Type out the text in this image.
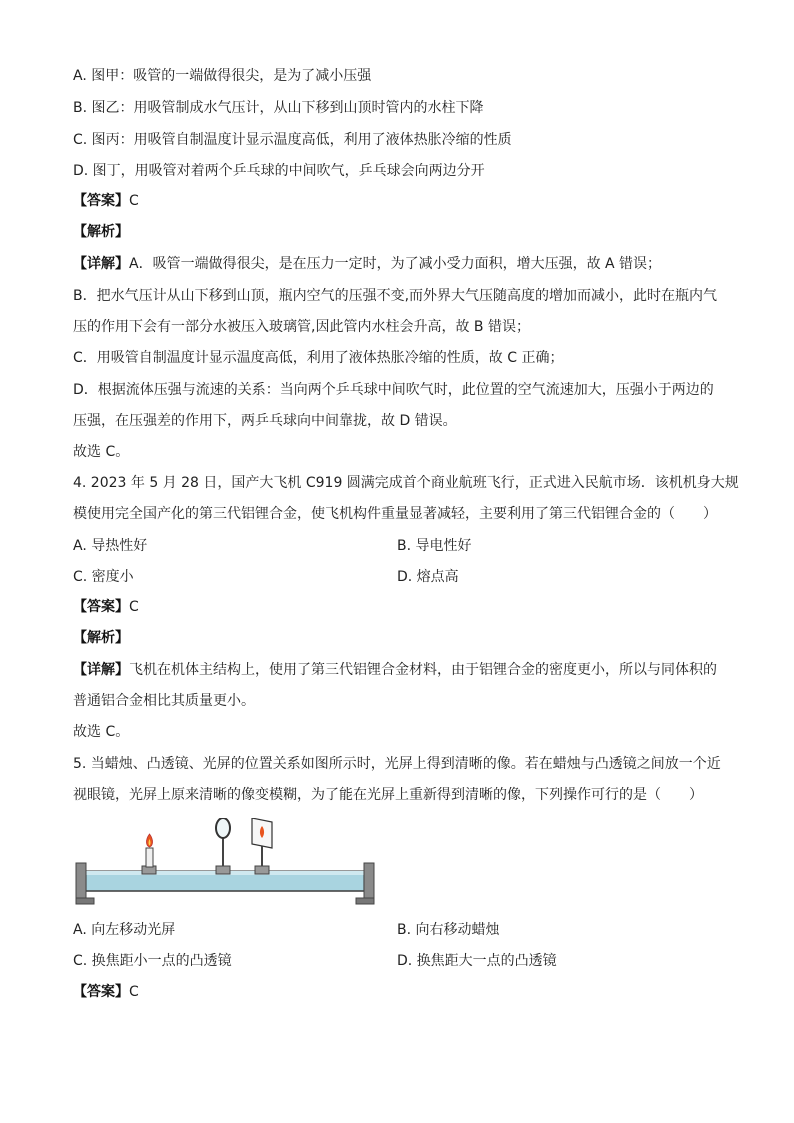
A. 图甲：吸管的一端做得很尖，是为了减小压强
B. 图乙：用吸管制成水气压计，从山下移到山顶时管内的水柱下降
C. 图丙：用吸管自制温度计显示温度高低，利用了液体热胀冷缩的性质
D. 图丁，用吸管对着两个乒乓球的中间吹气，乒乓球会向两边分开
【答案】C
【解析】
【详解】A．吸管一端做得很尖，是在压力一定时，为了减小受力面积，增大压强，故 A 错误；
B．把水气压计从山下移到山顶，瓶内空气的压强不变,而外界大气压随高度的增加而减小，此时在瓶内气
压的作用下会有一部分水被压入玻璃管,因此管内水柱会升高，故 B 错误；
C．用吸管自制温度计显示温度高低，利用了液体热胀冷缩的性质，故 C 正确；
D．根据流体压强与流速的关系：当向两个乒乓球中间吹气时，此位置的空气流速加大，压强小于两边的
压强，在压强差的作用下，两乒乓球向中间靠拢，故 D 错误。
故选 C。
4. 2023 年 5 月 28 日，国产大飞机 C919 圆满完成首个商业航班飞行，正式进入民航市场．该机机身大规
模使用完全国产化的第三代铝锂合金，使飞机构件重量显著减轻，主要利用了第三代铝锂合金的（　　）
A. 导热性好	B. 导电性好
C. 密度小	D. 熔点高
【答案】C
【解析】
【详解】飞机在机体主结构上，使用了第三代铝锂合金材料，由于铝锂合金的密度更小，所以与同体积的
普通铝合金相比其质量更小。
故选 C。
5. 当蜡烛、凸透镜、光屏的位置关系如图所示时，光屏上得到清晰的像。若在蜡烛与凸透镜之间放一个近
视眼镜，光屏上原来清晰的像变模糊，为了能在光屏上重新得到清晰的像，下列操作可行的是（　　）
A. 向左移动光屏	B. 向右移动蜡烛
C. 换焦距小一点的凸透镜	D. 换焦距大一点的凸透镜
【答案】C
